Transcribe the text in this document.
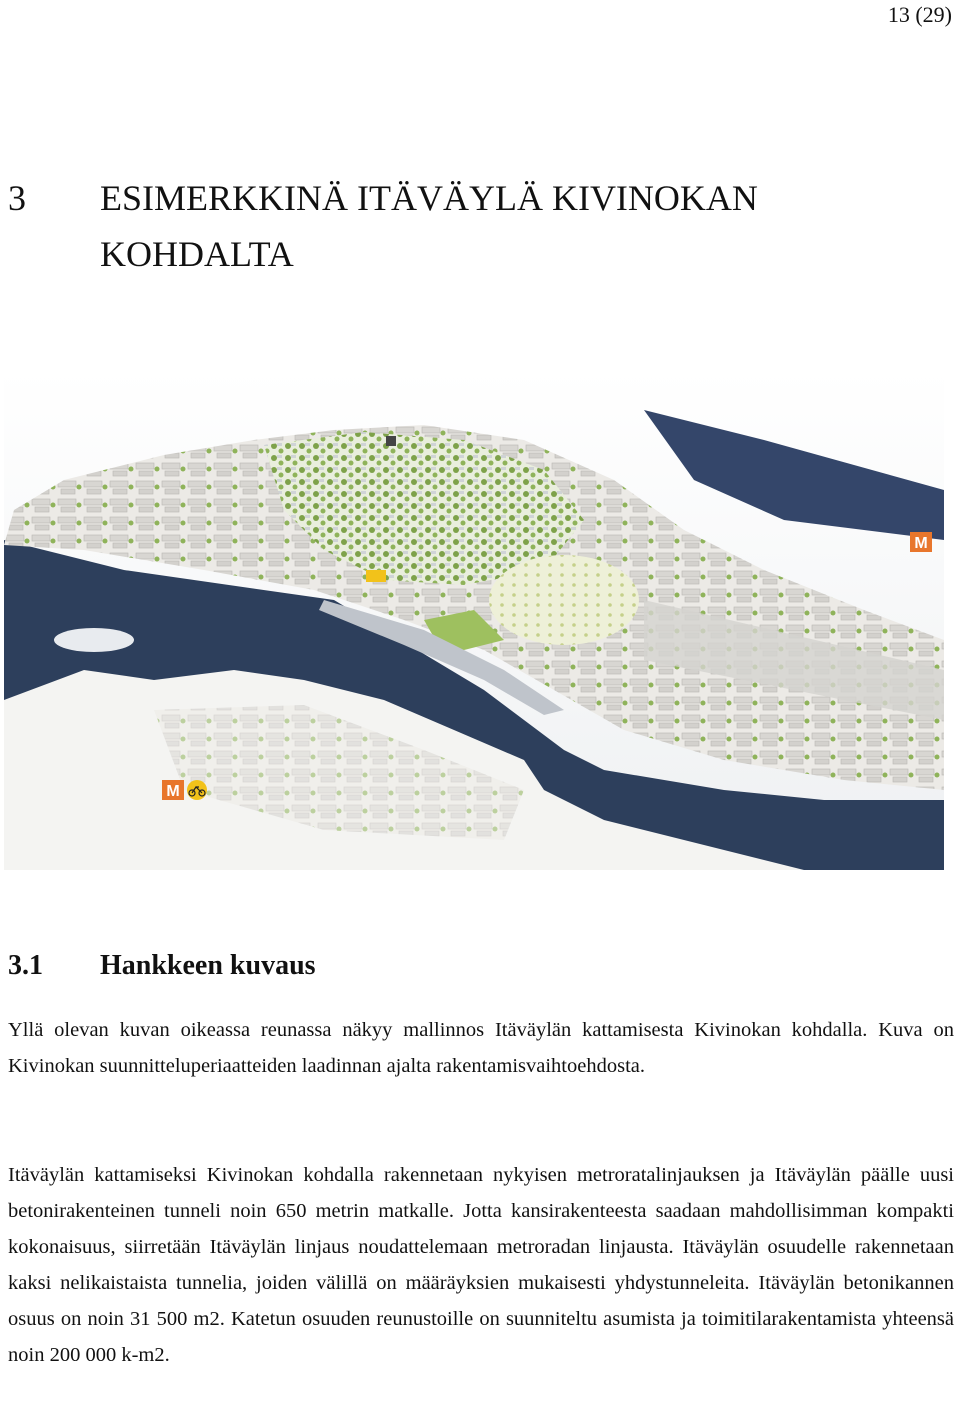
13 (29)
3 ESIMERKKINÄ ITÄVÄYLÄ KIVINOKAN KOHDALTA
M
M
3.1 Hankkeen kuvaus

Yllä olevan kuvan oikeassa reunassa näkyy mallinnos Itäväylän kattamisesta Kivinokan kohdalla. Kuva on Kivinokan suunnitteluperiaatteiden laadinnan ajalta rakentamisvaihtoehdosta.

Itäväylän kattamiseksi Kivinokan kohdalla rakennetaan nykyisen metroratalinjauksen ja Itäväylän päälle uusi betonirakenteinen tunneli noin 650 metrin matkalle. Jotta kansirakenteesta saadaan mahdollisimman kompakti kokonaisuus, siirretään Itäväylän linjaus noudattelemaan metroradan linjausta. Itäväylän osuudelle rakennetaan kaksi nelikaistaista tunnelia, joiden välillä on määräyksien mukaisesti yhdystunneleita. Itäväylän betonikannen osuus on noin 31 500 m2. Katetun osuuden reunustoille on suunniteltu asumista ja toimitilarakentamista yhteensä noin 200 000 k-m2.
